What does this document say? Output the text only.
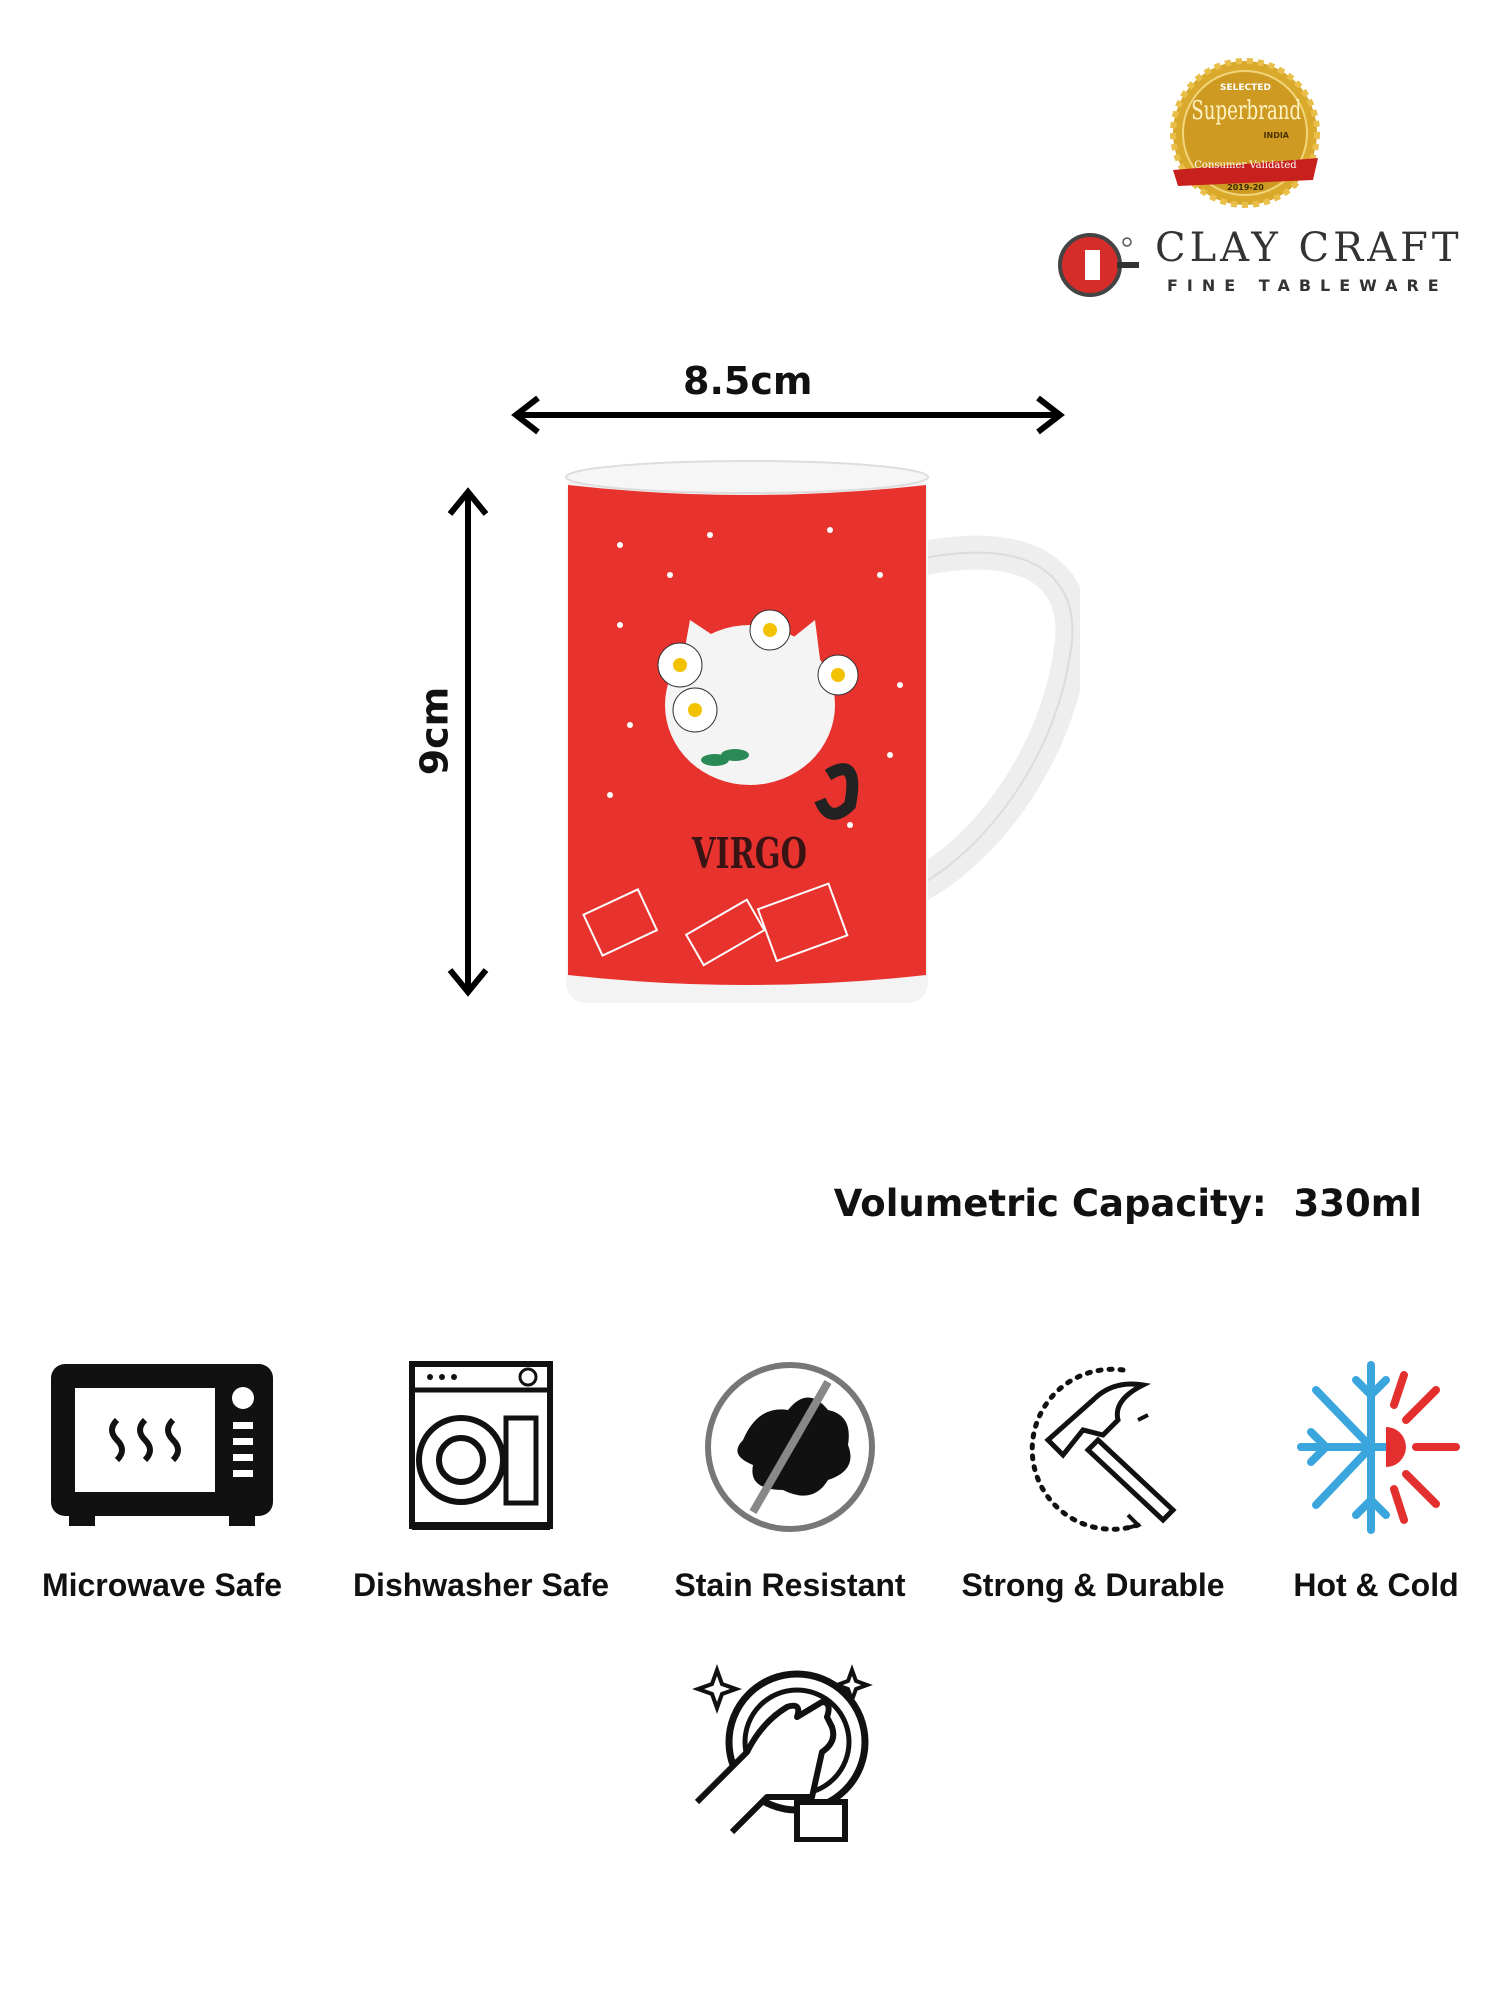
SELECTED
Superbrand
INDIA
Consumer Validated
2019-20
CLAY CRAFT
FINE TABLEWARE
8.5cm
9cm
VIRGO
Volumetric Capacity: 330ml
Microwave Safe	Dishwasher Safe	Stain Resistant	Strong & Durable	Hot & Cold
